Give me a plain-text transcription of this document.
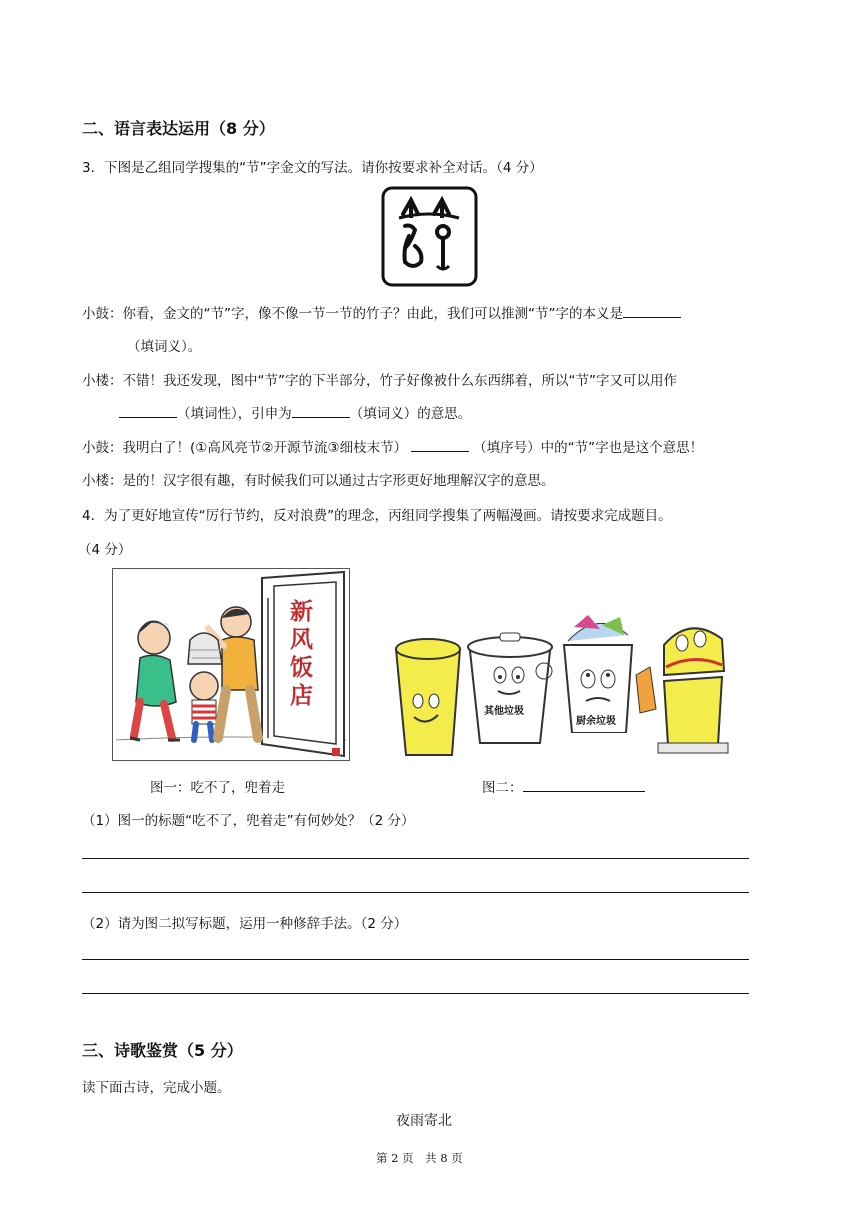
二、语言表达运用（8 分）
3．下图是乙组同学搜集的“节”字金文的写法。请你按要求补全对话。（4 分）
小鼓：你看，金文的“节”字，像不像一节一节的竹子？由此，我们可以推测“节”字的本义是
（填词义）。
小楼：不错！我还发现，图中“节”字的下半部分，竹子好像被什么东西绑着，所以“节”字又可以用作
（填词性），引申为	（填词义）的意思。
小鼓：我明白了！(①高风亮节②开源节流③细枝末节）	（填序号）中的“节”字也是这个意思！
小楼：是的！汉字很有趣，有时候我们可以通过古字形更好地理解汉字的意思。
4．为了更好地宣传“厉行节约，反对浪费”的理念，丙组同学搜集了两幅漫画。请按要求完成题目。
（4 分）
新
风
饭
店
其他垃圾
厨余垃圾
图一：吃不了，兜着走	图二：
（1）图一的标题“吃不了，兜着走”有何妙处？（2 分）
（2）请为图二拟写标题，运用一种修辞手法。（2 分）
三、诗歌鉴赏（5 分）
读下面古诗，完成小题。
夜雨寄北
第 2 页　共 8 页
